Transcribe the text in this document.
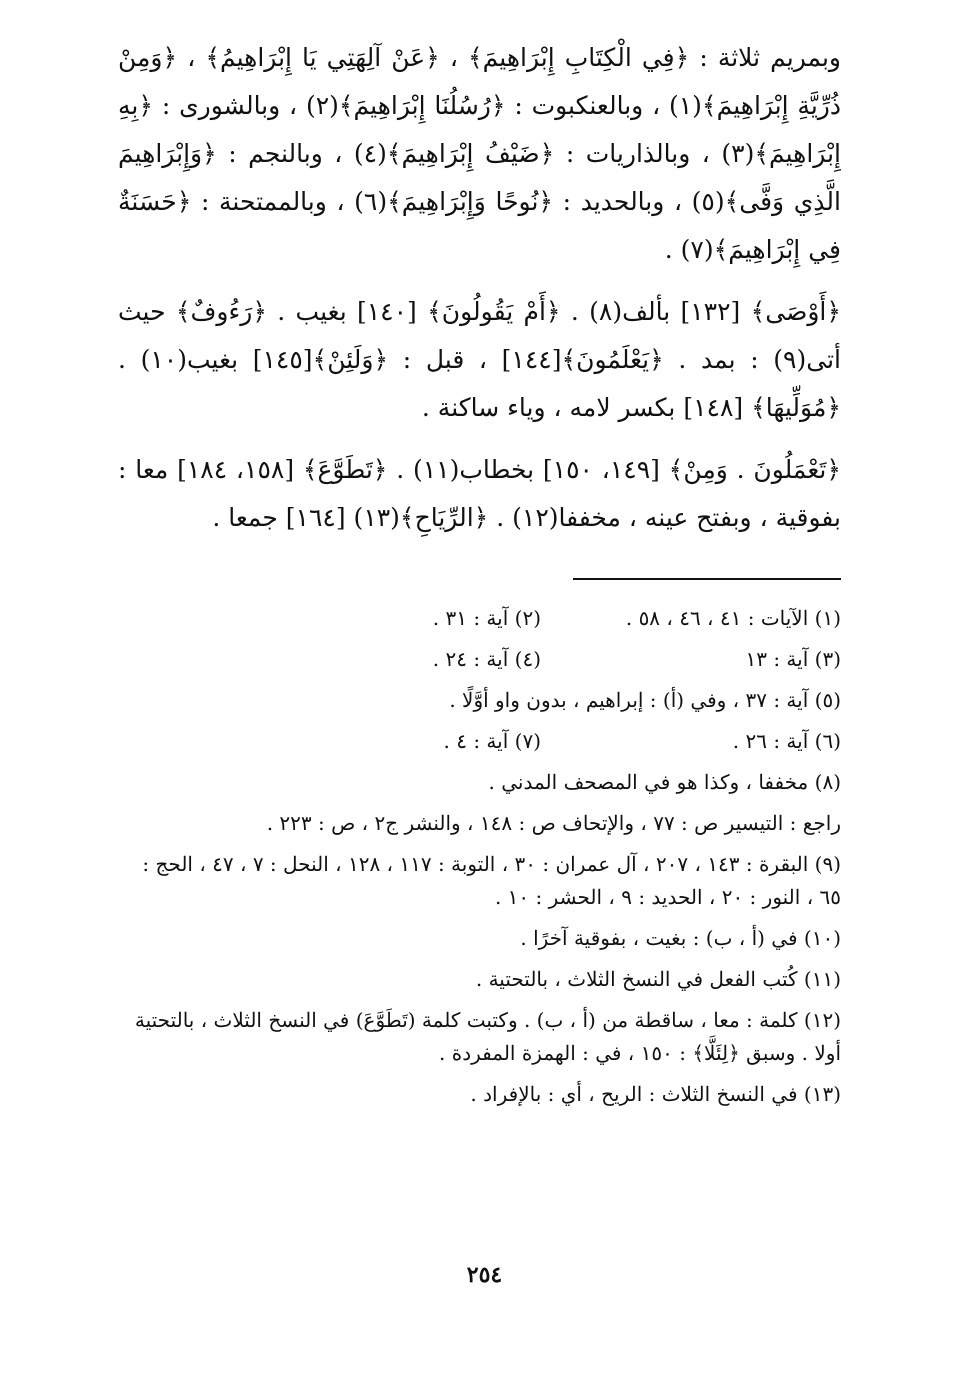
وبمريم ثلاثة : ﴿فِي الْكِتَابِ إِبْرَاهِيمَ﴾ ، ﴿عَنْ آلِهَتِي يَا إِبْرَاهِيمُ﴾ ، ﴿وَمِنْ ذُرِّيَّةِ إِبْرَاهِيمَ﴾(١) ، وبالعنكبوت : ﴿رُسُلُنَا إِبْرَاهِيمَ﴾(٢) ، وبالشورى : ﴿بِهِ إِبْرَاهِيمَ﴾(٣) ، وبالذاريات : ﴿ضَيْفُ إِبْرَاهِيمَ﴾(٤) ، وبالنجم : ﴿وَإِبْرَاهِيمَ الَّذِي وَفَّى﴾(٥) ، وبالحديد : ﴿نُوحًا وَإِبْرَاهِيمَ﴾(٦) ، وبالممتحنة : ﴿حَسَنَةٌ فِي إِبْرَاهِيمَ﴾(٧) .

﴿أَوْصَى﴾ [١٣٢] بألف(٨) . ﴿أَمْ يَقُولُونَ﴾ [١٤٠] بغيب . ﴿رَءُوفٌ﴾ حيث أتى(٩) : بمد . ﴿يَعْلَمُونَ﴾[١٤٤] ، قبل : ﴿وَلَئِنْ﴾[١٤٥] بغيب(١٠) . ﴿مُوَلِّيهَا﴾ [١٤٨] بكسر لامه ، وياء ساكنة .

﴿تَعْمَلُونَ . وَمِنْ﴾ [١٤٩، ١٥٠] بخطاب(١١) . ﴿تَطَوَّعَ﴾ [١٥٨، ١٨٤] معا : بفوقية ، وبفتح عينه ، مخففا(١٢) . ﴿الرِّيَاحِ﴾(١٣) [١٦٤] جمعا .

(١) الآيات : ٤١ ، ٤٦ ، ٥٨ .
(٢) آية : ٣١ .
(٣) آية : ١٣
(٤) آية : ٢٤ .

(٥) آية : ٣٧ ، وفي (أ) : إبراهيم ، بدون واو أوَّلًا .

(٦) آية : ٢٦ .
(٧) آية : ٤ .

(٨) مخففا ، وكذا هو في المصحف المدني .

راجع : التيسير ص : ٧٧ ، والإتحاف ص : ١٤٨ ، والنشر ج٢ ، ص : ٢٢٣ .

(٩) البقرة : ١٤٣ ، ٢٠٧ ، آل عمران : ٣٠ ، التوبة : ١١٧ ، ١٢٨ ، النحل : ٧ ، ٤٧ ، الحج : ٦٥ ، النور : ٢٠ ، الحديد : ٩ ، الحشر : ١٠ .

(١٠) في (أ ، ب) : بغيت ، بفوقية آخرًا .

(١١) كُتب الفعل في النسخ الثلاث ، بالتحتية .

(١٢) كلمة : معا ، ساقطة من (أ ، ب) . وكتبت كلمة (تَطَوَّعَ) في النسخ الثلاث ، بالتحتية أولا . وسبق ﴿لِئَلَّا﴾ : ١٥٠ ، في : الهمزة المفردة .

(١٣) في النسخ الثلاث : الريح ، أي : بالإفراد .

٢٥٤
